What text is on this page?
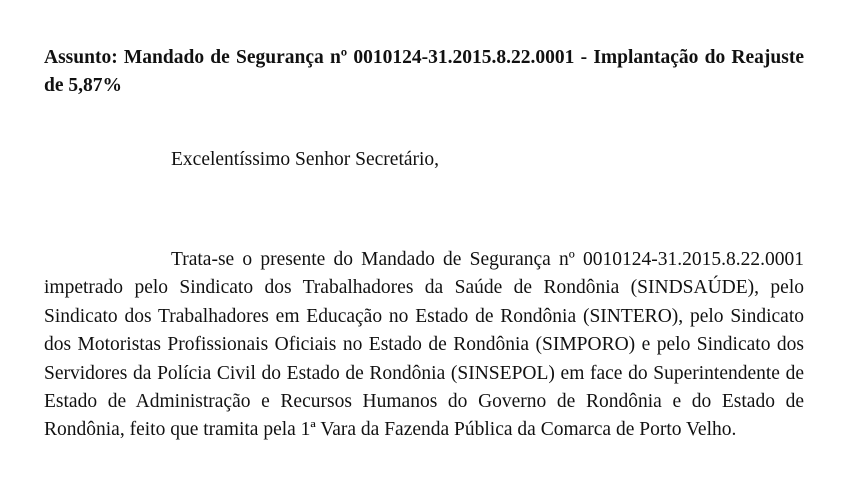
Assunto: Mandado de Segurança nº 0010124-31.2015.8.22.0001 - Implantação do Reajuste de 5,87%
Excelentíssimo Senhor Secretário,
Trata-se o presente do Mandado de Segurança nº 0010124-31.2015.8.22.0001 impetrado pelo Sindicato dos Trabalhadores da Saúde de Rondônia (SINDSAÚDE), pelo Sindicato dos Trabalhadores em Educação no Estado de Rondônia (SINTERO), pelo Sindicato dos Motoristas Profissionais Oficiais no Estado de Rondônia (SIMPORO) e pelo Sindicato dos Servidores da Polícia Civil do Estado de Rondônia (SINSEPOL) em face do Superintendente de Estado de Administração e Recursos Humanos do Governo de Rondônia e do Estado de Rondônia, feito que tramita pela 1ª Vara da Fazenda Pública da Comarca de Porto Velho.
